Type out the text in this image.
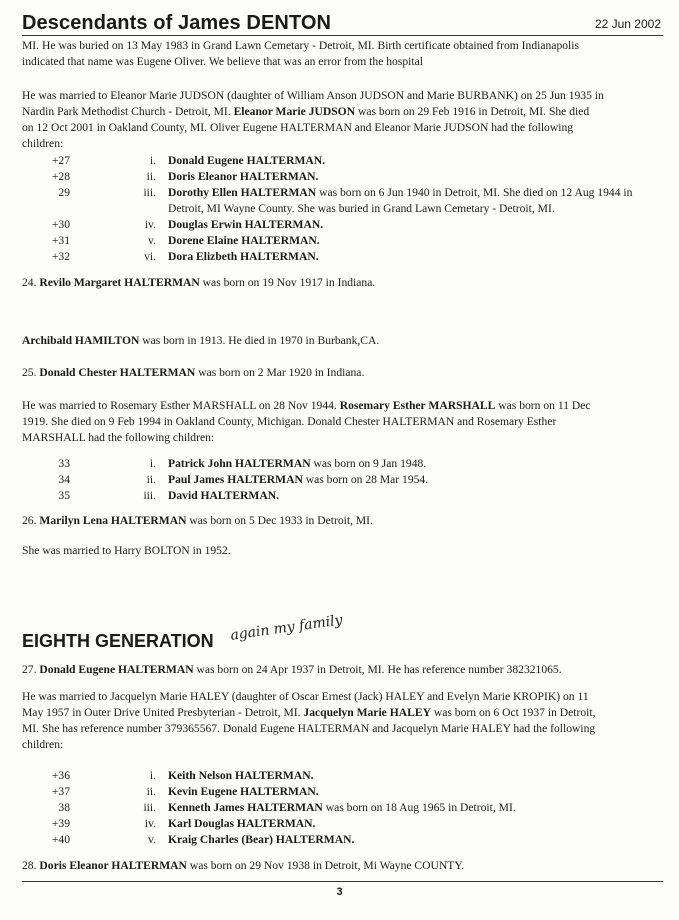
Descendants of James DENTON	22 Jun 2002
MI. He was buried on 13 May 1983 in Grand Lawn Cemetary - Detroit, MI. Birth certificate obtained from Indianapolis
indicated that name was Eugene Oliver. We believe that was an error from the hospital
He was married to Eleanor Marie JUDSON (daughter of William Anson JUDSON and Marie BURBANK) on 25 Jun 1935 in
Nardin Park Methodist Church - Detroit, MI. Eleanor Marie JUDSON was born on 29 Feb 1916 in Detroit, MI. She died
on 12 Oct 2001 in Oakland County, MI. Oliver Eugene HALTERMAN and Eleanor Marie JUDSON had the following
children:
+27	i. Donald Eugene HALTERMAN.
+28	ii. Doris Eleanor HALTERMAN.
29	iii. Dorothy Ellen HALTERMAN was born on 6 Jun 1940 in Detroit, MI. She died on 12 Aug 1944 in
Detroit, MI Wayne County. She was buried in Grand Lawn Cemetary - Detroit, MI.
+30	iv. Douglas Erwin HALTERMAN.
+31	v. Dorene Elaine HALTERMAN.
+32	vi. Dora Elizbeth HALTERMAN.
24. Revilo Margaret HALTERMAN was born on 19 Nov 1917 in Indiana.
Archibald HAMILTON was born in 1913. He died in 1970 in Burbank,CA.
25. Donald Chester HALTERMAN was born on 2 Mar 1920 in Indiana.
He was married to Rosemary Esther MARSHALL on 28 Nov 1944. Rosemary Esther MARSHALL was born on 11 Dec
1919. She died on 9 Feb 1994 in Oakland County, Michigan. Donald Chester HALTERMAN and Rosemary Esther
MARSHALL had the following children:
33	i. Patrick John HALTERMAN was born on 9 Jan 1948.
34	ii. Paul James HALTERMAN was born on 28 Mar 1954.
35	iii. David HALTERMAN.
26. Marilyn Lena HALTERMAN was born on 5 Dec 1933 in Detroit, MI.
She was married to Harry BOLTON in 1952.
EIGHTH GENERATION again my family
27. Donald Eugene HALTERMAN was born on 24 Apr 1937 in Detroit, MI. He has reference number 382321065.
He was married to Jacquelyn Marie HALEY (daughter of Oscar Ernest (Jack) HALEY and Evelyn Marie KROPIK) on 11
May 1957 in Outer Drive United Presbyterian - Detroit, MI. Jacquelyn Marie HALEY was born on 6 Oct 1937 in Detroit,
MI. She has reference number 379365567. Donald Eugene HALTERMAN and Jacquelyn Marie HALEY had the following
children:
+36	i. Keith Nelson HALTERMAN.
+37	ii. Kevin Eugene HALTERMAN.
38	iii. Kenneth James HALTERMAN was born on 18 Aug 1965 in Detroit, MI.
+39	iv. Karl Douglas HALTERMAN.
+40	v. Kraig Charles (Bear) HALTERMAN.
28. Doris Eleanor HALTERMAN was born on 29 Nov 1938 in Detroit, Mi Wayne COUNTY.
3
